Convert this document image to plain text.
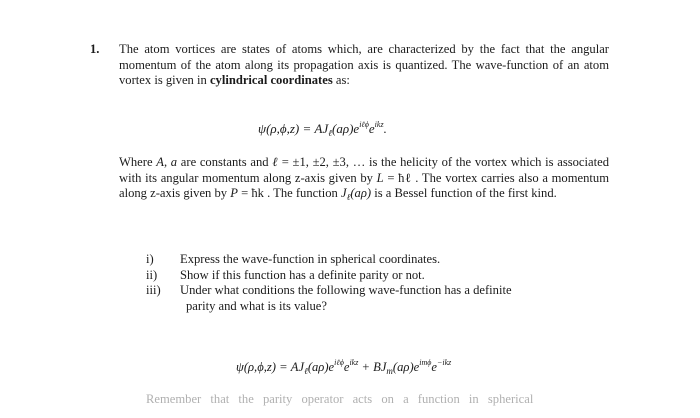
1. The atom vortices are states of atoms which, are characterized by the fact that the angular momentum of the atom along its propagation axis is quantized. The wave-function of an atom vortex is given in cylindrical coordinates as:
$\psi(\rho,\phi,z) = AJ_\ell(a\rho)e^{i\ell\phi}e^{ikz}$.
Where A, a are constants and ℓ = ±1, ±2, ±3, … is the helicity of the vortex which is associated with its angular momentum along z-axis given by L = ħℓ . The vortex carries also a momentum along z-axis given by P = ħk . The function $J_\ell(a\rho)$ is a Bessel function of the first kind.
i) Express the wave-function in spherical coordinates.
ii) Show if this function has a definite parity or not.
iii) Under what conditions the following wave-function has a definite
parity and what is its value?
$\psi(\rho,\phi,z) = AJ_\ell(a\rho)e^{i\ell\phi}e^{ikz} + BJ_m(a\rho)e^{im\phi}e^{-ikz}$
Remember that the parity operator acts on a function in spherical
